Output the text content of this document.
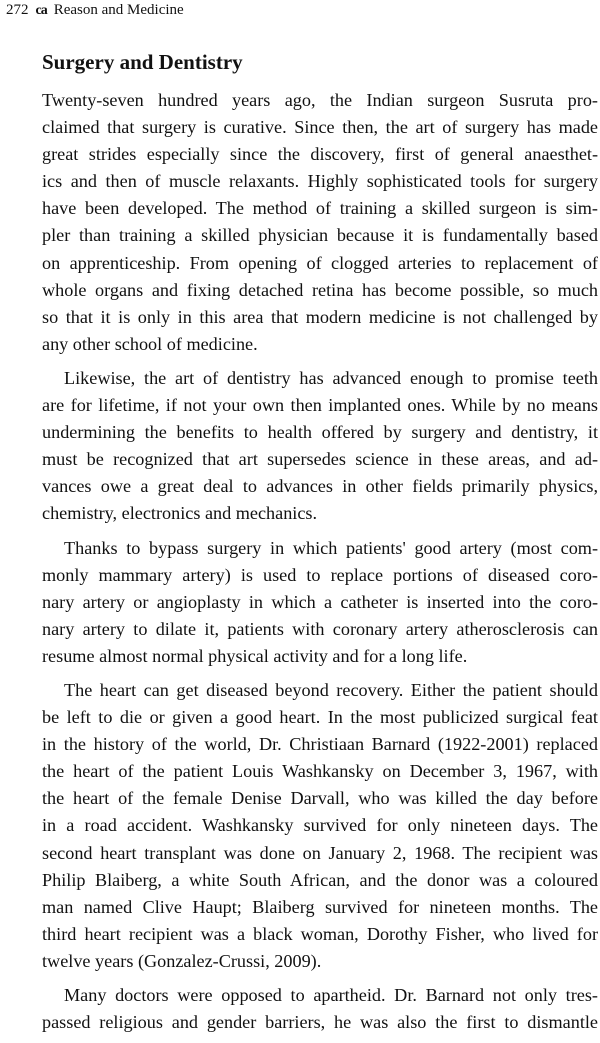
272 ca Reason and Medicine
Surgery and Dentistry
Twenty-seven hundred years ago, the Indian surgeon Susruta pro-
claimed that surgery is curative. Since then, the art of surgery has made
great strides especially since the discovery, first of general anaesthet-
ics and then of muscle relaxants. Highly sophisticated tools for surgery
have been developed. The method of training a skilled surgeon is sim-
pler than training a skilled physician because it is fundamentally based
on apprenticeship. From opening of clogged arteries to replacement of
whole organs and fixing detached retina has become possible, so much
so that it is only in this area that modern medicine is not challenged by
any other school of medicine.
Likewise, the art of dentistry has advanced enough to promise teeth
are for lifetime, if not your own then implanted ones. While by no means
undermining the benefits to health offered by surgery and dentistry, it
must be recognized that art supersedes science in these areas, and ad-
vances owe a great deal to advances in other fields primarily physics,
chemistry, electronics and mechanics.
Thanks to bypass surgery in which patients' good artery (most com-
monly mammary artery) is used to replace portions of diseased coro-
nary artery or angioplasty in which a catheter is inserted into the coro-
nary artery to dilate it, patients with coronary artery atherosclerosis can
resume almost normal physical activity and for a long life.
The heart can get diseased beyond recovery. Either the patient should
be left to die or given a good heart. In the most publicized surgical feat
in the history of the world, Dr. Christiaan Barnard (1922-2001) replaced
the heart of the patient Louis Washkansky on December 3, 1967, with
the heart of the female Denise Darvall, who was killed the day before
in a road accident. Washkansky survived for only nineteen days. The
second heart transplant was done on January 2, 1968. The recipient was
Philip Blaiberg, a white South African, and the donor was a coloured
man named Clive Haupt; Blaiberg survived for nineteen months. The
third heart recipient was a black woman, Dorothy Fisher, who lived for
twelve years (Gonzalez-Crussi, 2009).
Many doctors were opposed to apartheid. Dr. Barnard not only tres-
passed religious and gender barriers, he was also the first to dismantle
